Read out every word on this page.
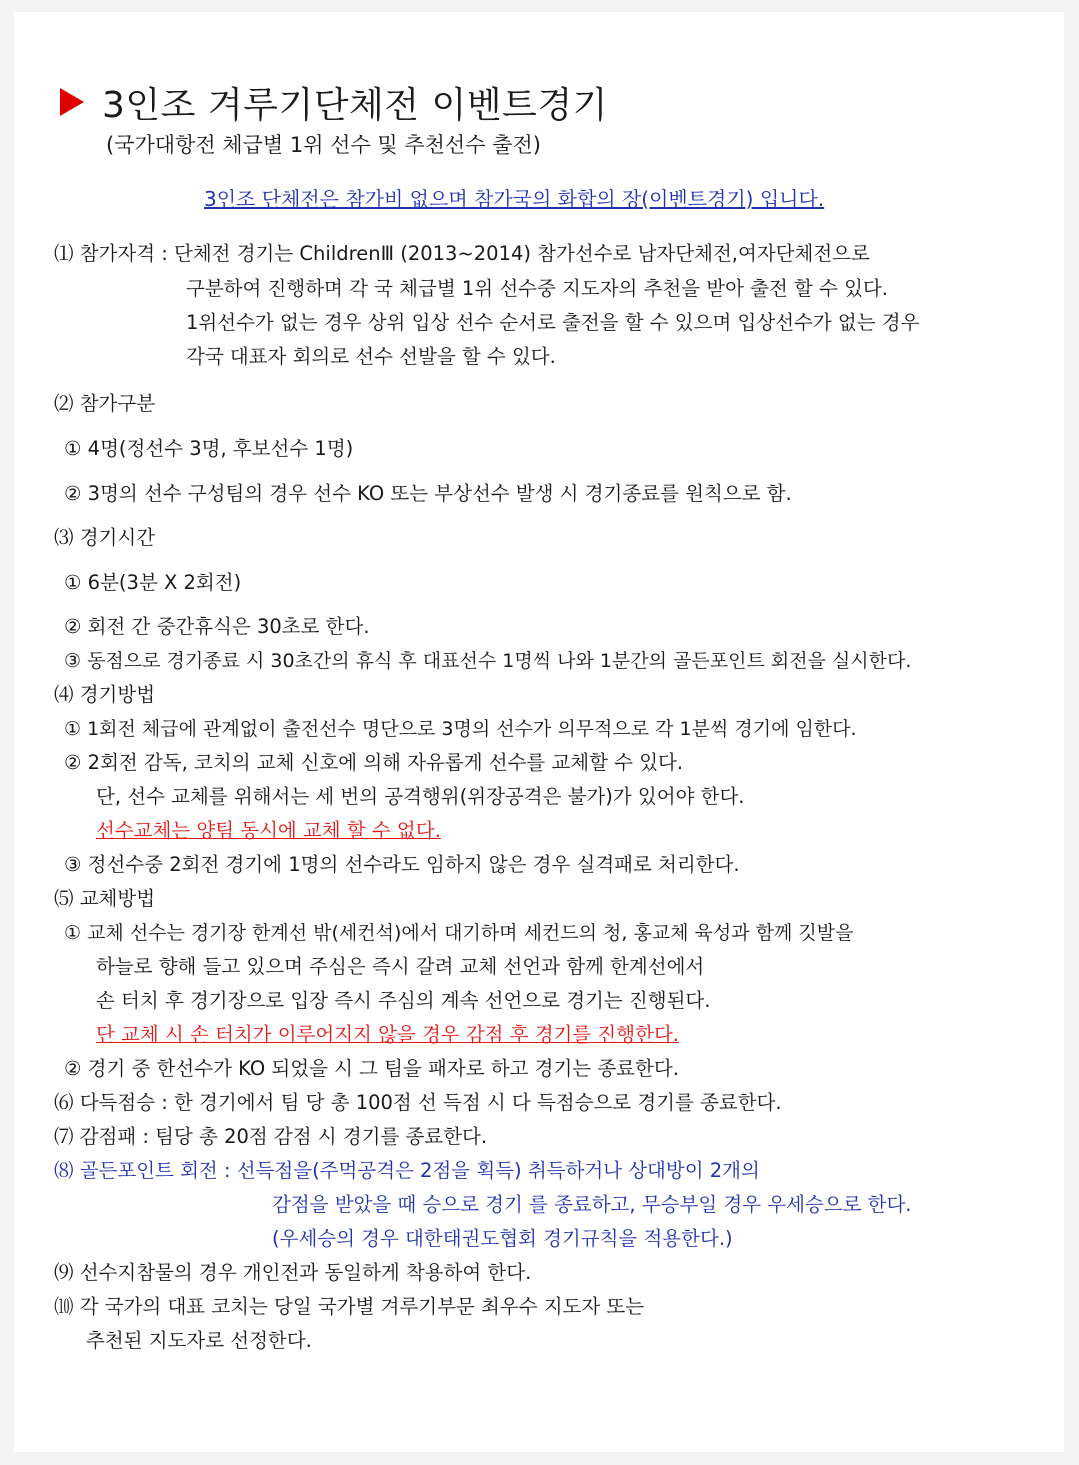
3인조 겨루기단체전 이벤트경기
(국가대항전 체급별 1위 선수 및 추천선수 출전)
3인조 단체전은 참가비 없으며 참가국의 화합의 장(이벤트경기) 입니다.
⑴ 참가자격 : 단체전 경기는 ChildrenⅢ (2013~2014) 참가선수로 남자단체전,여자단체전으로
구분하여 진행하며 각 국 체급별 1위 선수중 지도자의 추천을 받아 출전 할 수 있다.
1위선수가 없는 경우 상위 입상 선수 순서로 출전을 할 수 있으며 입상선수가 없는 경우
각국 대표자 회의로 선수 선발을 할 수 있다.
⑵ 참가구분
① 4명(정선수 3명, 후보선수 1명)
② 3명의 선수 구성팀의 경우 선수 KO 또는 부상선수 발생 시 경기종료를 원칙으로 함.
⑶ 경기시간
① 6분(3분 X 2회전)
② 회전 간 중간휴식은 30초로 한다.
③ 동점으로 경기종료 시 30초간의 휴식 후 대표선수 1명씩 나와 1분간의 골든포인트 회전을 실시한다.
⑷ 경기방법
① 1회전 체급에 관계없이 출전선수 명단으로 3명의 선수가 의무적으로 각 1분씩 경기에 임한다.
② 2회전 감독, 코치의 교체 신호에 의해 자유롭게 선수를 교체할 수 있다.
단, 선수 교체를 위해서는 세 번의 공격행위(위장공격은 불가)가 있어야 한다.
선수교체는 양팀 동시에 교체 할 수 없다.
③ 정선수중 2회전 경기에 1명의 선수라도 임하지 않은 경우 실격패로 처리한다.
⑸ 교체방법
① 교체 선수는 경기장 한계선 밖(세컨석)에서 대기하며 세컨드의 청, 홍교체 육성과 함께 깃발을
하늘로 향해 들고 있으며 주심은 즉시 갈려 교체 선언과 함께 한계선에서
손 터치 후 경기장으로 입장 즉시 주심의 계속 선언으로 경기는 진행된다.
단 교체 시 손 터치가 이루어지지 않을 경우 감점 후 경기를 진행한다.
② 경기 중 한선수가 KO 되었을 시 그 팀을 패자로 하고 경기는 종료한다.
⑹ 다득점승 : 한 경기에서 팀 당 총 100점 선 득점 시 다 득점승으로 경기를 종료한다.
⑺ 감점패 : 팀당 총 20점 감점 시 경기를 종료한다.
⑻ 골든포인트 회전 : 선득점을(주먹공격은 2점을 획득) 취득하거나 상대방이 2개의
감점을 받았을 때 승으로 경기 를 종료하고, 무승부일 경우 우세승으로 한다.
(우세승의 경우 대한태권도협회 경기규칙을 적용한다.)
⑼ 선수지참물의 경우 개인전과 동일하게 착용하여 한다.
⑽ 각 국가의 대표 코치는 당일 국가별 겨루기부문 최우수 지도자 또는
추천된 지도자로 선정한다.
